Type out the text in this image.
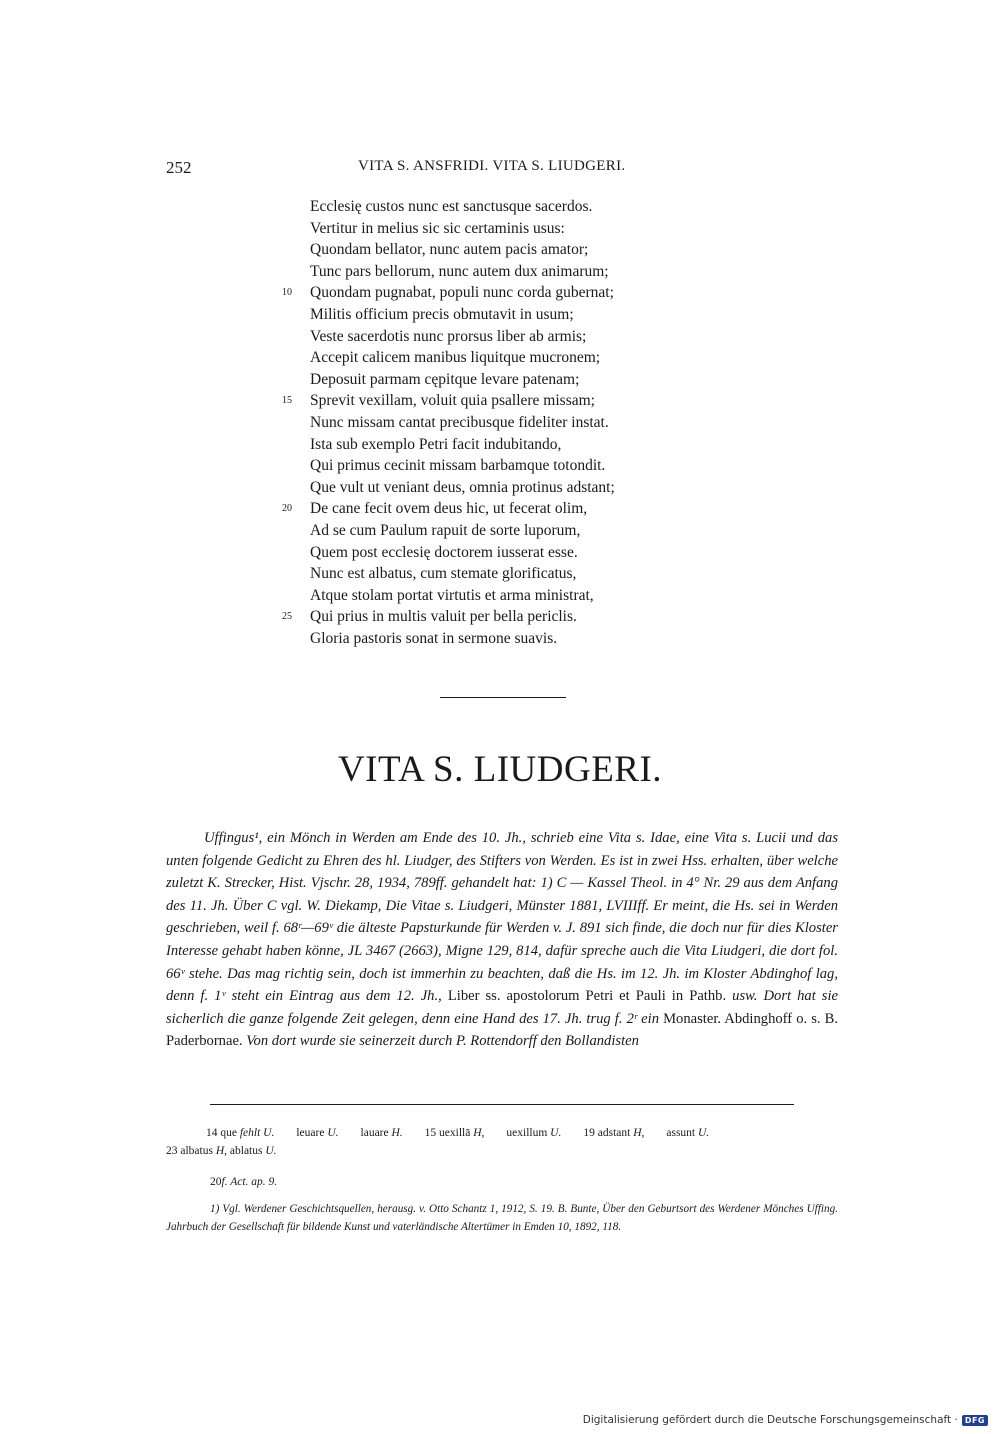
252	VITA S. ANSFRIDI. VITA S. LIUDGERI.
Ecclesię custos nunc est sanctusque sacerdos.
Vertitur in melius sic sic certaminis usus:
Quondam bellator, nunc autem pacis amator;
Tunc pars bellorum, nunc autem dux animarum;
10	Quondam pugnabat, populi nunc corda gubernat;
Militis officium precis obmutavit in usum;
Veste sacerdotis nunc prorsus liber ab armis;
Accepit calicem manibus liquitque mucronem;
Deposuit parmam cępitque levare patenam;
15	Sprevit vexillam, voluit quia psallere missam;
Nunc missam cantat precibusque fideliter instat.
Ista sub exemplo Petri facit indubitando,
Qui primus cecinit missam barbamque totondit.
Que vult ut veniant deus, omnia protinus adstant;
20	De cane fecit ovem deus hic, ut fecerat olim,
Ad se cum Paulum rapuit de sorte luporum,
Quem post ecclesię doctorem iusserat esse.
Nunc est albatus, cum stemate glorificatus,
Atque stolam portat virtutis et arma ministrat,
25	Qui prius in multis valuit per bella periclis.
Gloria pastoris sonat in sermone suavis.
VITA S. LIUDGERI.
Uffingus¹, ein Mönch in Werden am Ende des 10. Jh., schrieb eine Vita s. Idae, eine Vita s. Lucii und das unten folgende Gedicht zu Ehren des hl. Liudger, des Stifters von Werden. Es ist in zwei Hss. erhalten, über welche zuletzt K. Strecker, Hist. Vjschr. 28, 1934, 789ff. gehandelt hat: 1) C — Kassel Theol. in 4° Nr. 29 aus dem Anfang des 11. Jh. Über C vgl. W. Diekamp, Die Vitae s. Liudgeri, Münster 1881, LVIIIff. Er meint, die Hs. sei in Werden geschrieben, weil f. 68ʳ—69ᵛ die älteste Papsturkunde für Werden v. J. 891 sich finde, die doch nur für dies Kloster Interesse gehabt haben könne, JL 3467 (2663), Migne 129, 814, dafür spreche auch die Vita Liudgeri, die dort fol. 66ᵛ stehe. Das mag richtig sein, doch ist immerhin zu beachten, daß die Hs. im 12. Jh. im Kloster Abdinghof lag, denn f. 1ᵛ steht ein Eintrag aus dem 12. Jh., Liber ss. apostolorum Petri et Pauli in Pathb. usw. Dort hat sie sicherlich die ganze folgende Zeit gelegen, denn eine Hand des 17. Jh. trug f. 2ʳ ein Monaster. Abdinghoff o. s. B. Paderbornae. Von dort wurde sie seinerzeit durch P. Rottendorff den Bollandisten
14 que fehlt U. leuare U. lauare H. 15 uexillā H, uexillum U. 19 adstant H, assunt U.
23 albatus H, ablatus U.
20f. Act. ap. 9.
1) Vgl. Werdener Geschichtsquellen, herausg. v. Otto Schantz 1, 1912, S. 19. B. Bunte, Über den Geburtsort des Werdener Mönches Uffing. Jahrbuch der Gesellschaft für bildende Kunst und vaterländische Altertümer in Emden 10, 1892, 118.
Digitalisierung gefördert durch die Deutsche Forschungsgemeinschaft · DFG
